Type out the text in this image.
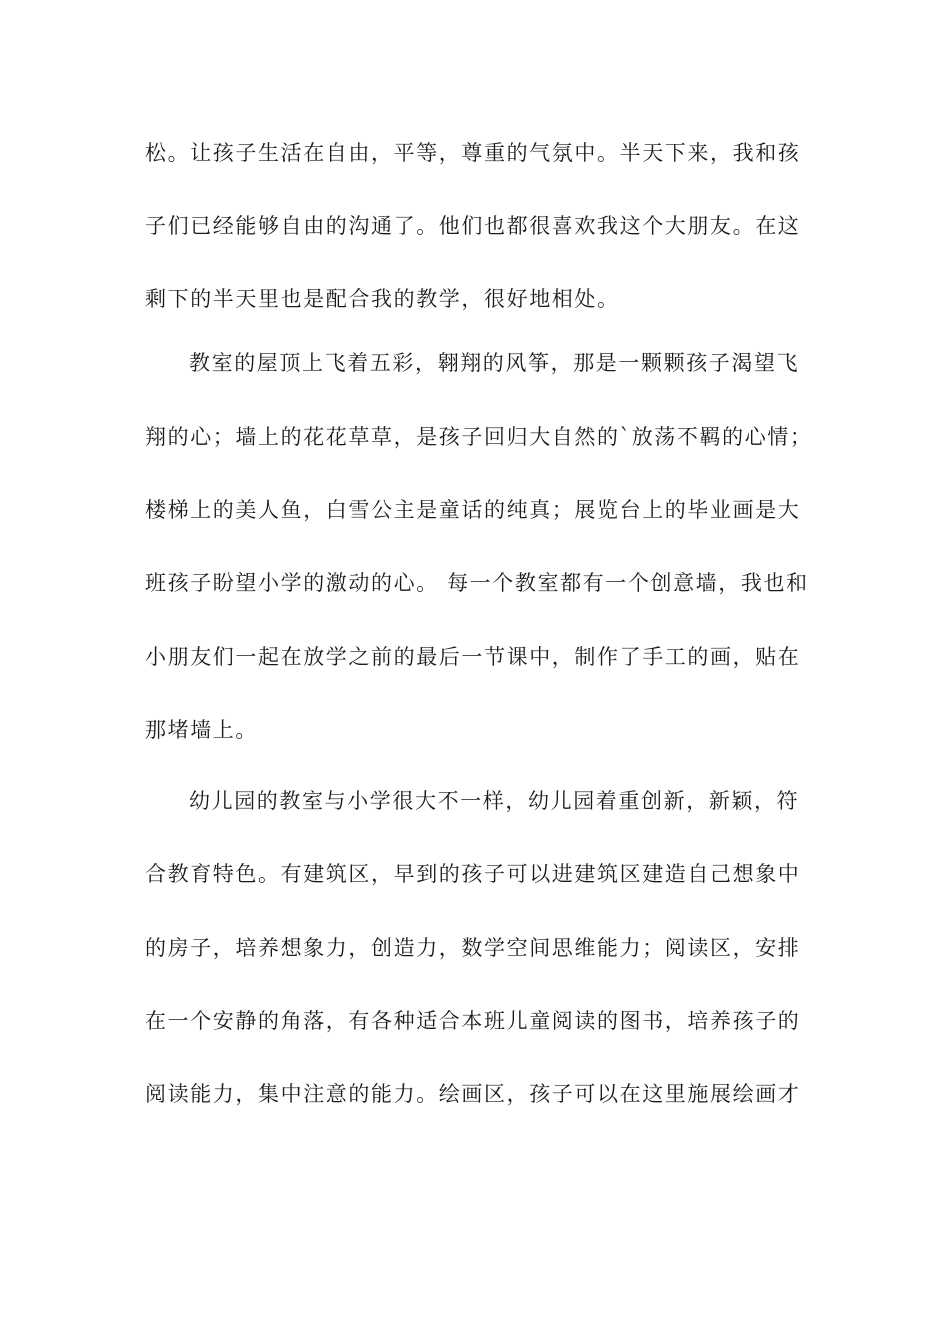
松。让孩子生活在自由，平等，尊重的气氛中。半天下来，我和孩
子们已经能够自由的沟通了。他们也都很喜欢我这个大朋友。在这
剩下的半天里也是配合我的教学，很好地相处。
教室的屋顶上飞着五彩，翱翔的风筝，那是一颗颗孩子渴望飞
翔的心；墙上的花花草草，是孩子回归大自然的`放荡不羁的心情；
楼梯上的美人鱼，白雪公主是童话的纯真；展览台上的毕业画是大
班孩子盼望小学的激动的心。 每一个教室都有一个创意墙，我也和
小朋友们一起在放学之前的最后一节课中，制作了手工的画，贴在
那堵墙上。
幼儿园的教室与小学很大不一样，幼儿园着重创新，新颖，符
合教育特色。有建筑区，早到的孩子可以进建筑区建造自己想象中
的房子，培养想象力，创造力，数学空间思维能力；阅读区，安排
在一个安静的角落，有各种适合本班儿童阅读的图书，培养孩子的
阅读能力，集中注意的能力。绘画区，孩子可以在这里施展绘画才
